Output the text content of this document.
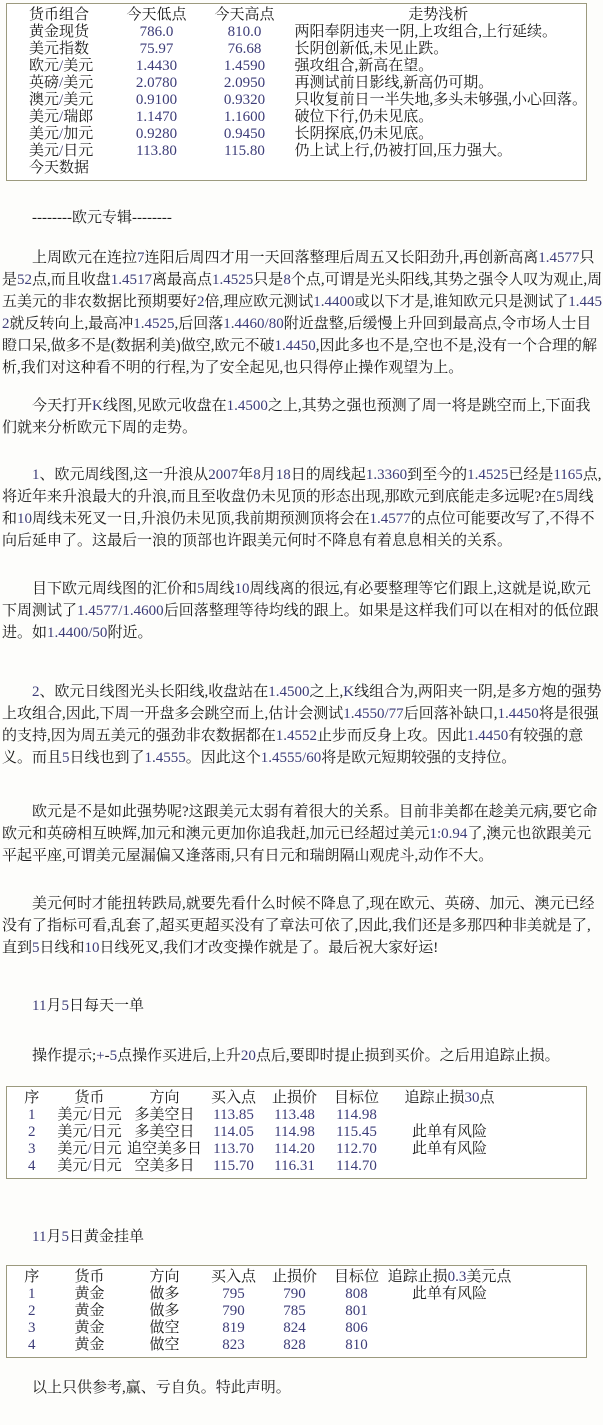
货币组合	今天低点	今天高点	走势浅析
黄金现货	786.0	810.0	两阳奉阴违夹一阴,上攻组合,上行延续。
美元指数	75.97	76.68	长阴创新低,未见止跌。
欧元/美元	1.4430	1.4590	强攻组合,新高在望。
英磅/美元	2.0780	2.0950	再测试前日影线,新高仍可期。
澳元/美元	0.9100	0.9320	只收复前日一半失地,多头未够强,小心回落。
美元/瑞郎	1.1470	1.1600	破位下行,仍未见底。
美元/加元	0.9280	0.9450	长阴探底,仍未见底。
美元/日元	113.80	115.80	仍上试上行,仍被打回,压力强大。
今天数据			

--------欧元专辑--------

上周欧元在连拉7连阳后周四才用一天回落整理后周五又长阳劲升,再创新高离1.4577只是52点,而且收盘1.4517离最高点1.4525只是8个点,可谓是光头阳线,其势之强令人叹为观止,周五美元的非农数据比预期要好2倍,理应欧元测试1.4400或以下才是,谁知欧元只是测试了1.4452就反转向上,最高冲1.4525,后回落1.4460/80附近盘整,后缓慢上升回到最高点,令市场人士目瞪口呆,做多不是(数据利美)做空,欧元不破1.4450,因此多也不是,空也不是,没有一个合理的解析,我们对这种看不明的行程,为了安全起见,也只得停止操作观望为上。

今天打开K线图,见欧元收盘在1.4500之上,其势之强也预测了周一将是跳空而上,下面我们就来分析欧元下周的走势。

1、欧元周线图,这一升浪从2007年8月18日的周线起1.3360到至今的1.4525已经是1165点,将近年来升浪最大的升浪,而且至收盘仍未见顶的形态出现,那欧元到底能走多远呢?在5周线和10周线未死叉一日,升浪仍未见顶,我前期预测顶将会在1.4577的点位可能要改写了,不得不向后延申了。这最后一浪的顶部也许跟美元何时不降息有着息息相关的关系。

目下欧元周线图的汇价和5周线10周线离的很远,有必要整理等它们跟上,这就是说,欧元下周测试了1.4577/1.4600后回落整理等待均线的跟上。如果是这样我们可以在相对的低位跟进。如1.4400/50附近。

2、欧元日线图光头长阳线,收盘站在1.4500之上,K线组合为,两阳夹一阴,是多方炮的强势上攻组合,因此,下周一开盘多会跳空而上,估计会测试1.4550/77后回落补缺口,1.4450将是很强的支持,因为周五美元的强劲非农数据都在1.4552止步而反身上攻。因此1.4450有较强的意义。而且5日线也到了1.4555。因此这个1.4555/60将是欧元短期较强的支持位。

欧元是不是如此强势呢?这跟美元太弱有着很大的关系。目前非美都在趁美元病,要它命欧元和英磅相互映辉,加元和澳元更加你追我赶,加元已经超过美元1:0.94了,澳元也欲跟美元平起平座,可谓美元屋漏偏又逢落雨,只有日元和瑞朗隔山观虎斗,动作不大。

美元何时才能扭转跌局,就要先看什么时候不降息了,现在欧元、英磅、加元、澳元已经没有了指标可看,乱套了,超买更超买没有了章法可依了,因此,我们还是多那四种非美就是了,直到5日线和10日线死叉,我们才改变操作就是了。最后祝大家好运!

11月5日每天一单

操作提示;+-5点操作买进后,上升20点后,要即时提止损到买价。之后用追踪止损。

序	货币	方向	买入点	止损价	目标位	追踪止损30点	
1	美元/日元	多美空日	113.85	113.48	114.98		
2	美元/日元	多美空日	114.05	114.98	115.45	此单有风险	
3	美元/日元	追空美多日	113.70	114.20	112.70	此单有风险	
4	美元/日元	空美多日	115.70	116.31	114.70		

11月5日黄金挂单

序	货币	方向	买入点	止损价	目标位	追踪止损0.3美元点	
1	黄金	做多	795	790	808	此单有风险	
2	黄金	做多	790	785	801		
3	黄金	做空	819	824	806		
4	黄金	做空	823	828	810		

以上只供参考,赢、亏自负。特此声明。
